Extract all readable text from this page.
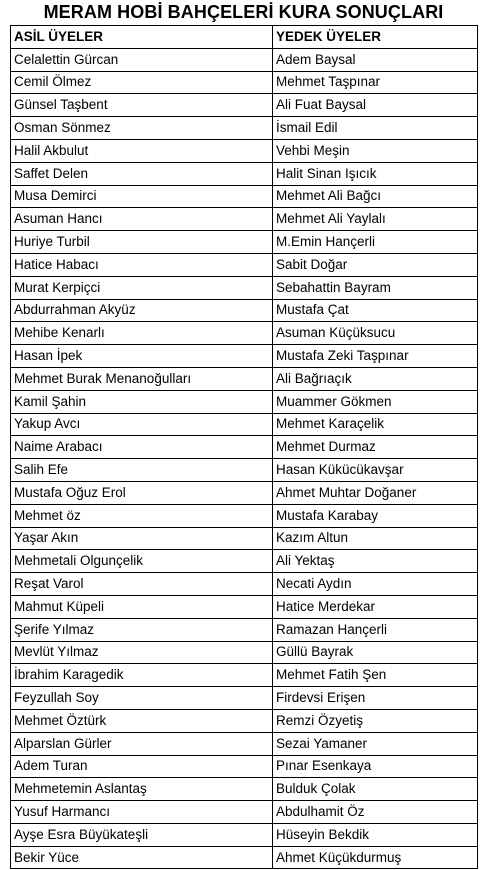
MERAM HOBİ BAHÇELERİ KURA SONUÇLARI
ASİL ÜYELER	YEDEK ÜYELER
Celalettin Gürcan	Adem Baysal
Cemil Ölmez	Mehmet Taşpınar
Günsel Taşbent	Ali Fuat Baysal
Osman Sönmez	İsmail Edil
Halil Akbulut	Vehbi Meşin
Saffet Delen	Halit Sinan Işıcık
Musa Demirci	Mehmet Ali Bağcı
Asuman Hancı	Mehmet Ali Yaylalı
Huriye Turbil	M.Emin Hançerli
Hatice Habacı	Sabit Doğar
Murat Kerpiçci	Sebahattin Bayram
Abdurrahman Akyüz	Mustafa Çat
Mehibe Kenarlı	Asuman Küçüksucu
Hasan İpek	Mustafa Zeki Taşpınar
Mehmet Burak Menanoğulları	Ali Bağrıaçık
Kamil Şahin	Muammer Gökmen
Yakup Avcı	Mehmet Karaçelik
Naime Arabacı	Mehmet Durmaz
Salih Efe	Hasan Kükücükavşar
Mustafa Oğuz Erol	Ahmet Muhtar Doğaner
Mehmet öz	Mustafa Karabay
Yaşar Akın	Kazım Altun
Mehmetali Olgunçelik	Ali Yektaş
Reşat Varol	Necati Aydın
Mahmut Küpeli	Hatice Merdekar
Şerife Yılmaz	Ramazan Hançerli
Mevlüt Yılmaz	Güllü Bayrak
İbrahim Karagedik	Mehmet Fatih Şen
Feyzullah Soy	Firdevsi Erişen
Mehmet Öztürk	Remzi Özyetiş
Alparslan Gürler	Sezai Yamaner
Adem Turan	Pınar Esenkaya
Mehmetemin Aslantaş	Bulduk Çolak
Yusuf Harmancı	Abdulhamit Öz
Ayşe Esra Büyükateşli	Hüseyin Bekdik
Bekir Yüce	Ahmet Küçükdurmuş
